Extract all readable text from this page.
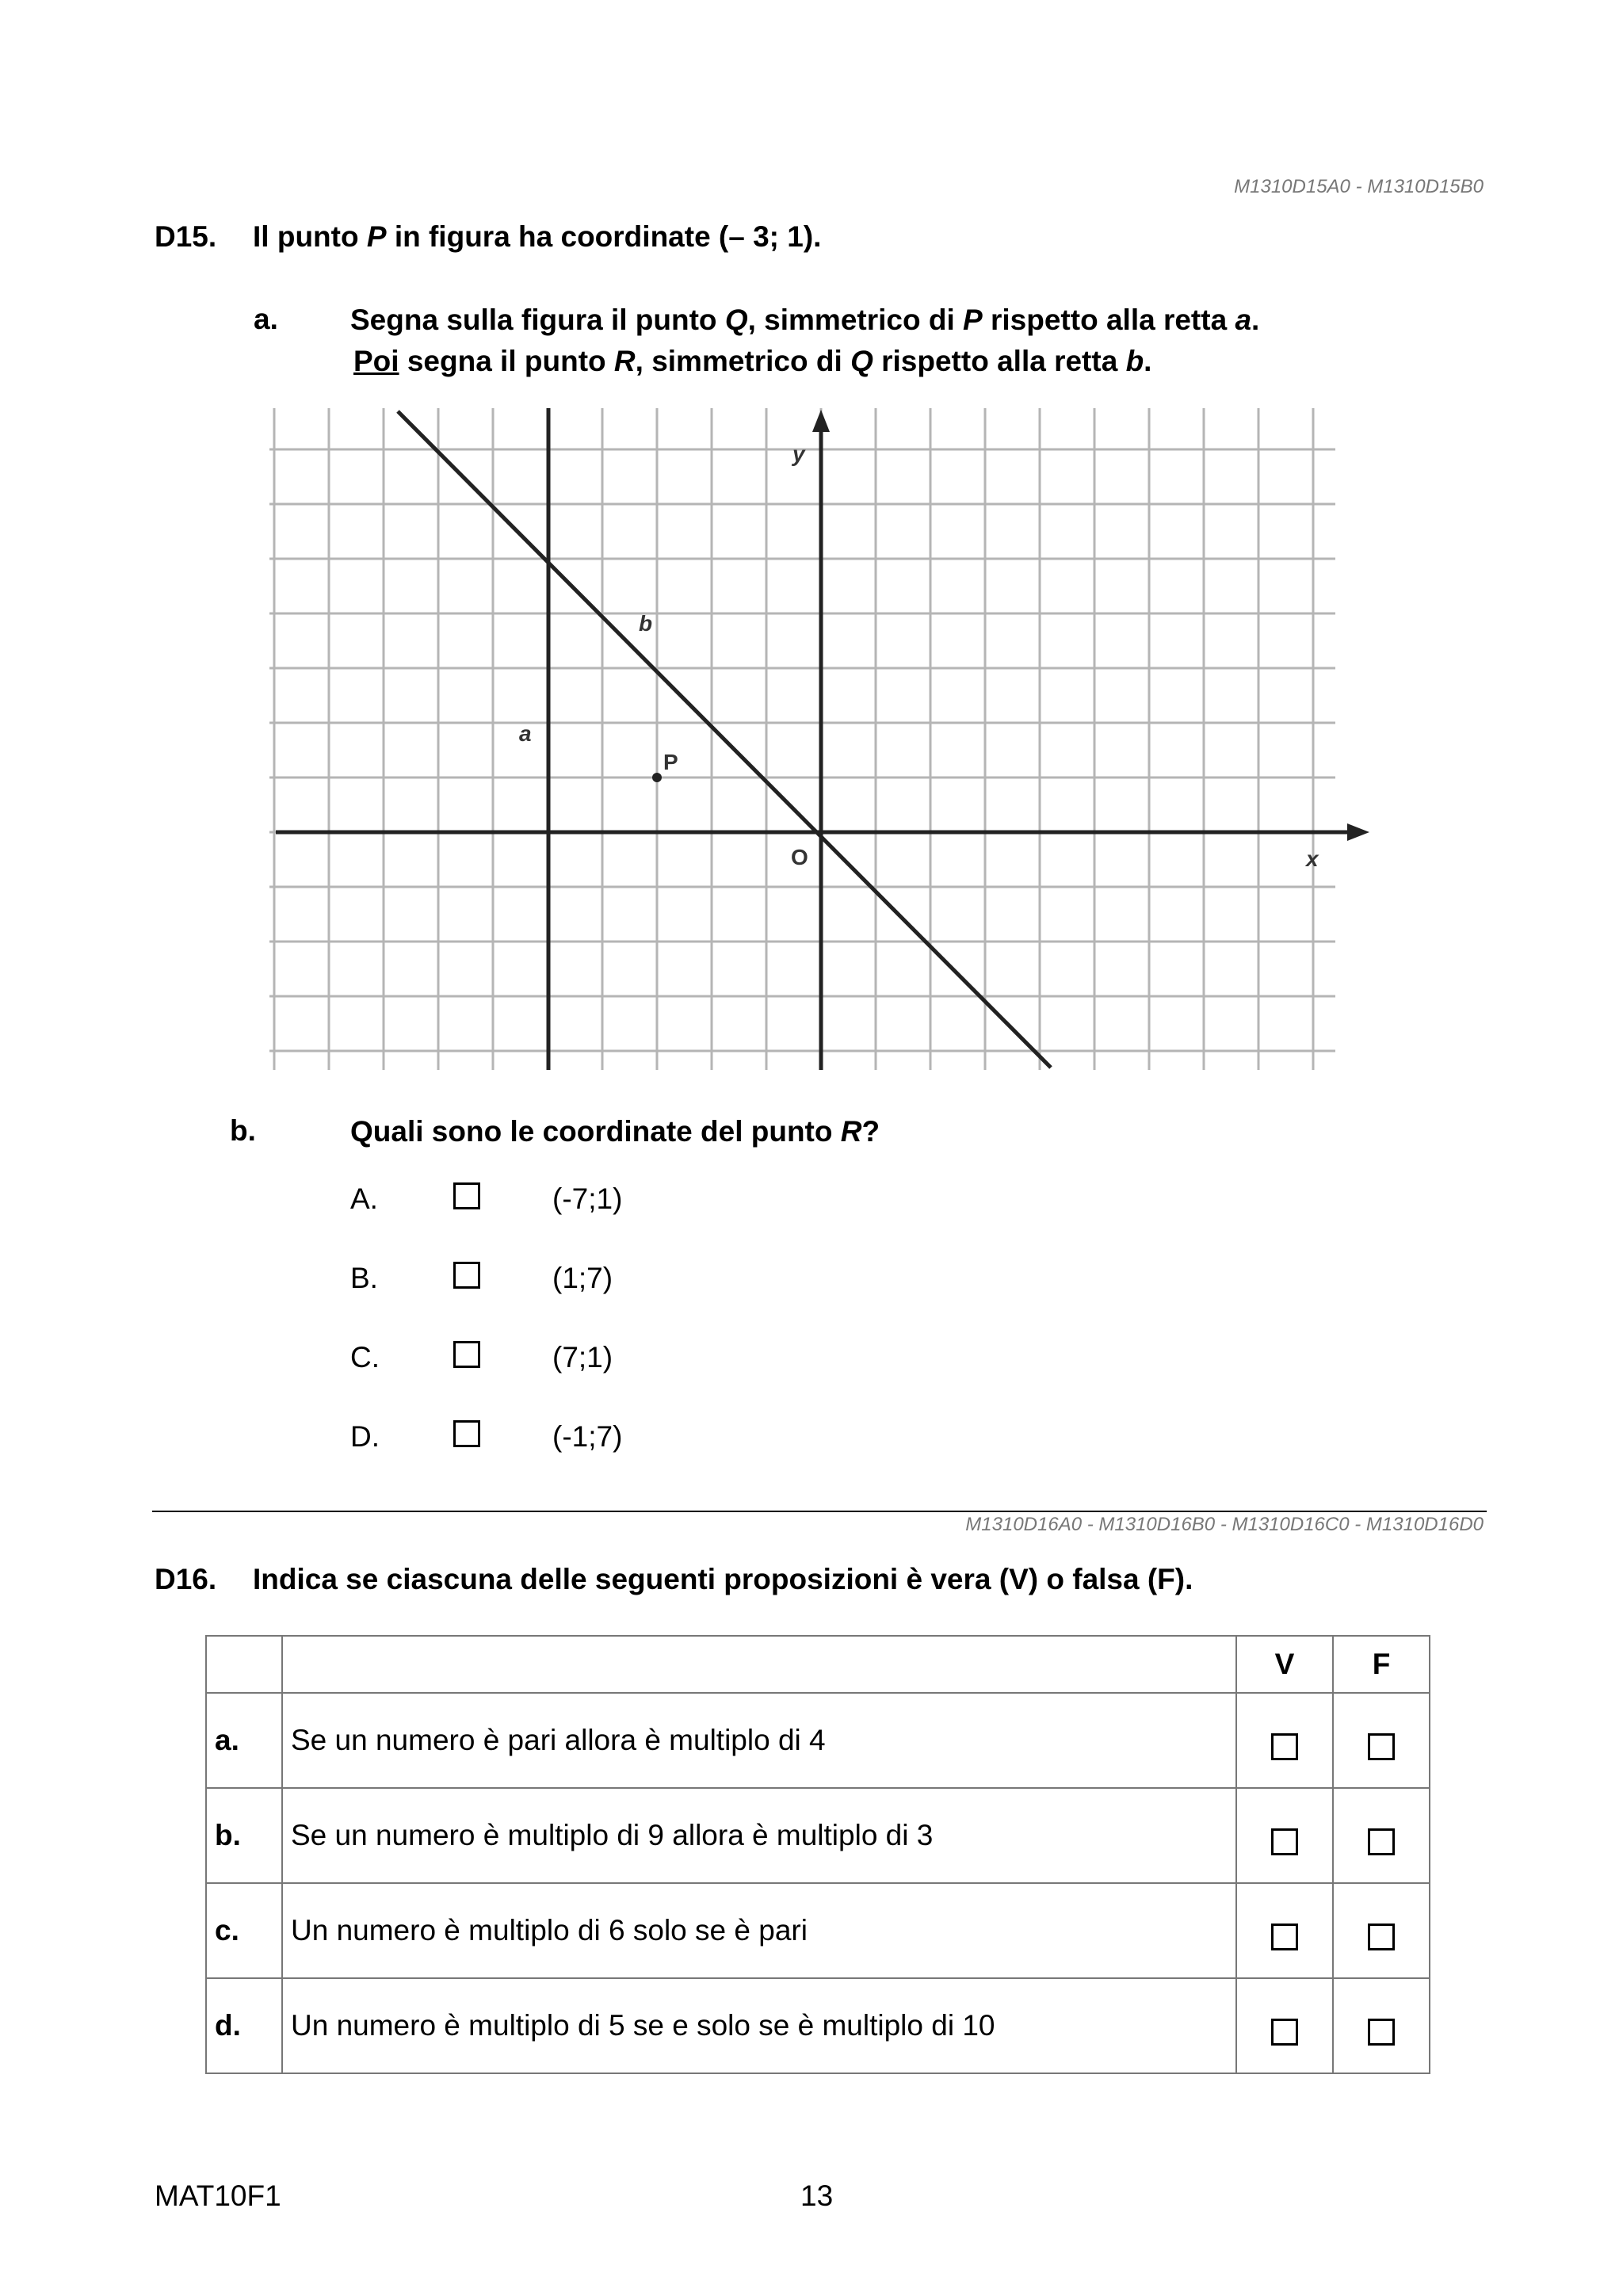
M1310D15A0 - M1310D15B0
D15. Il punto P in figura ha coordinate (– 3; 1).
a. Segna sulla figura il punto Q, simmetrico di P rispetto alla retta a.
Poi segna il punto R, simmetrico di Q rispetto alla retta b.
y
x
O
a
b
P
b.	Quali sono le coordinate del punto R?
A.	(-7;1)
B.	(1;7)
C.	(7;1)
D.	(-1;7)
M1310D16A0 - M1310D16B0 - M1310D16C0 - M1310D16D0
D16. Indica se ciascuna delle seguenti proposizioni è vera (V) o falsa (F).
		V	F
a.	Se un numero è pari allora è multiplo di 4		
b.	Se un numero è multiplo di 9 allora è multiplo di 3		
c.	Un numero è multiplo di 6 solo se è pari		
d.	Un numero è multiplo di 5 se e solo se è multiplo di 10		
MAT10F1	13
